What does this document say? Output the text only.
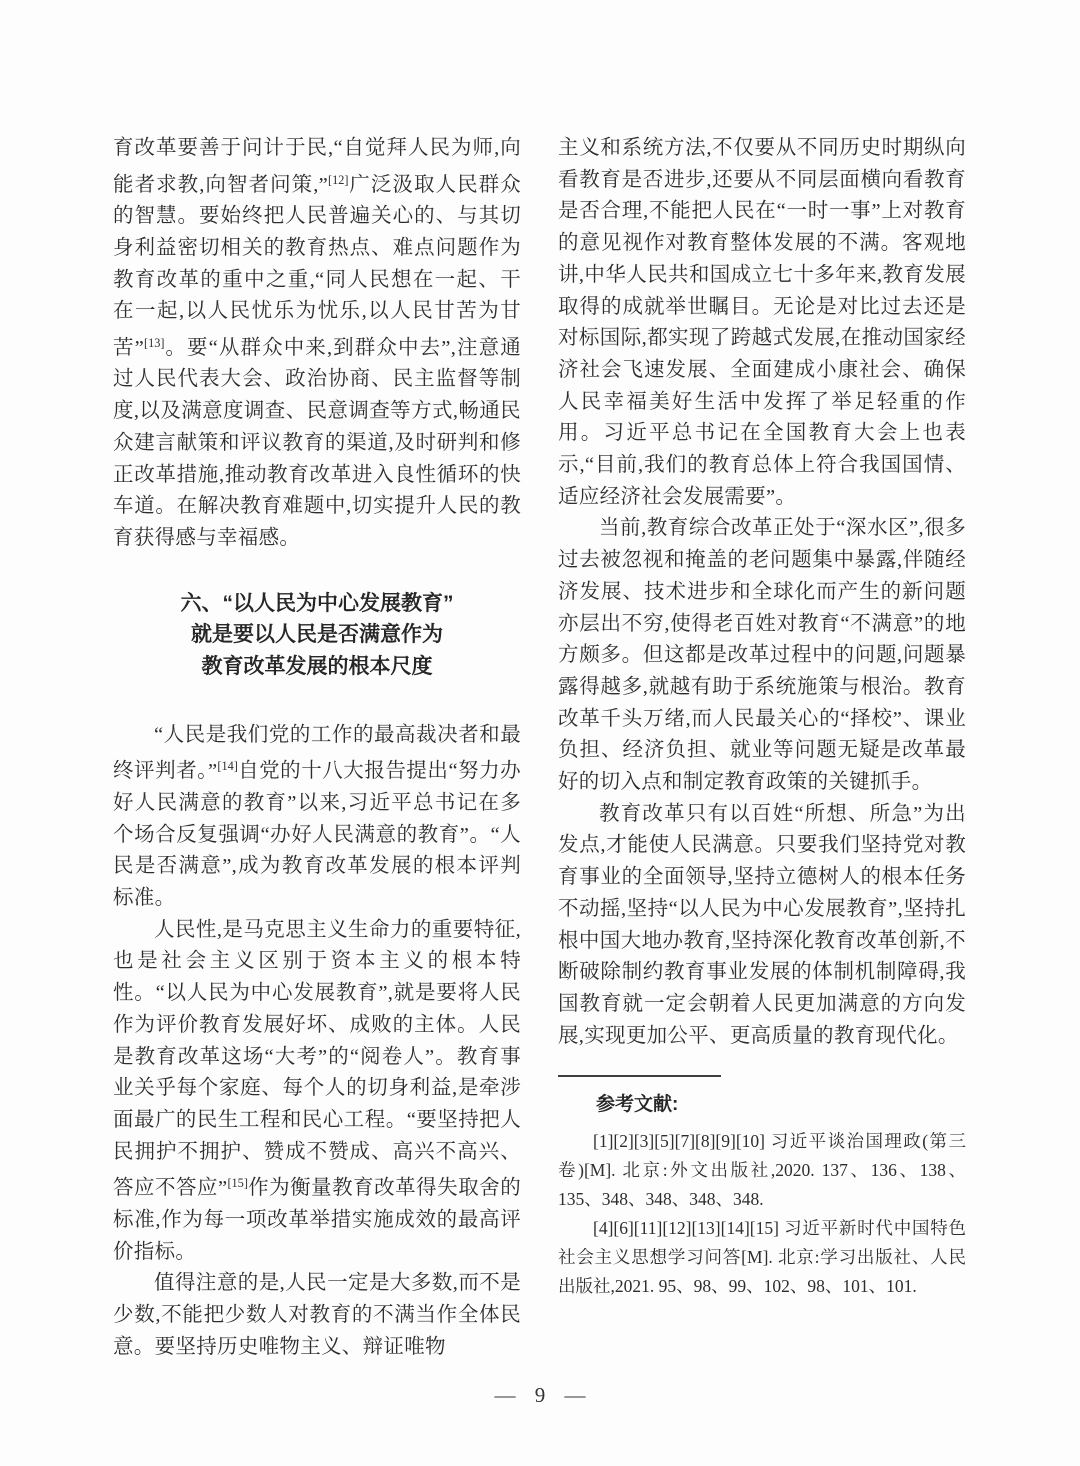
育改革要善于问计于民,“自觉拜人民为师,向能者求教,向智者问策,”[12]广泛汲取人民群众的智慧。要始终把人民普遍关心的、与其切身利益密切相关的教育热点、难点问题作为教育改革的重中之重,“同人民想在一起、干在一起,以人民忧乐为忧乐,以人民甘苦为甘苦”[13]。要“从群众中来,到群众中去”,注意通过人民代表大会、政治协商、民主监督等制度,以及满意度调查、民意调查等方式,畅通民众建言献策和评议教育的渠道,及时研判和修正改革措施,推动教育改革进入良性循环的快车道。在解决教育难题中,切实提升人民的教育获得感与幸福感。

六、“以人民为中心发展教育”
就是要以人民是否满意作为
教育改革发展的根本尺度

“人民是我们党的工作的最高裁决者和最终评判者。”[14]自党的十八大报告提出“努力办好人民满意的教育”以来,习近平总书记在多个场合反复强调“办好人民满意的教育”。“人民是否满意”,成为教育改革发展的根本评判标准。

人民性,是马克思主义生命力的重要特征,也是社会主义区别于资本主义的根本特性。“以人民为中心发展教育”,就是要将人民作为评价教育发展好坏、成败的主体。人民是教育改革这场“大考”的“阅卷人”。教育事业关乎每个家庭、每个人的切身利益,是牵涉面最广的民生工程和民心工程。“要坚持把人民拥护不拥护、赞成不赞成、高兴不高兴、答应不答应”[15]作为衡量教育改革得失取舍的标准,作为每一项改革举措实施成效的最高评价指标。

值得注意的是,人民一定是大多数,而不是少数,不能把少数人对教育的不满当作全体民意。要坚持历史唯物主义、辩证唯物

主义和系统方法,不仅要从不同历史时期纵向看教育是否进步,还要从不同层面横向看教育是否合理,不能把人民在“一时一事”上对教育的意见视作对教育整体发展的不满。客观地讲,中华人民共和国成立七十多年来,教育发展取得的成就举世瞩目。无论是对比过去还是对标国际,都实现了跨越式发展,在推动国家经济社会飞速发展、全面建成小康社会、确保人民幸福美好生活中发挥了举足轻重的作用。习近平总书记在全国教育大会上也表示,“目前,我们的教育总体上符合我国国情、适应经济社会发展需要”。

当前,教育综合改革正处于“深水区”,很多过去被忽视和掩盖的老问题集中暴露,伴随经济发展、技术进步和全球化而产生的新问题亦层出不穷,使得老百姓对教育“不满意”的地方颇多。但这都是改革过程中的问题,问题暴露得越多,就越有助于系统施策与根治。教育改革千头万绪,而人民最关心的“择校”、课业负担、经济负担、就业等问题无疑是改革最好的切入点和制定教育政策的关键抓手。

教育改革只有以百姓“所想、所急”为出发点,才能使人民满意。只要我们坚持党对教育事业的全面领导,坚持立德树人的根本任务不动摇,坚持“以人民为中心发展教育”,坚持扎根中国大地办教育,坚持深化教育改革创新,不断破除制约教育事业发展的体制机制障碍,我国教育就一定会朝着人民更加满意的方向发展,实现更加公平、更高质量的教育现代化。

参考文献:

[1][2][3][5][7][8][9][10] 习近平谈治国理政(第三卷)[M]. 北京:外文出版社,2020. 137、136、138、135、348、348、348、348.

[4][6][11][12][13][14][15] 习近平新时代中国特色社会主义思想学习问答[M]. 北京:学习出版社、人民出版社,2021. 95、98、99、102、98、101、101.

— 9 —
